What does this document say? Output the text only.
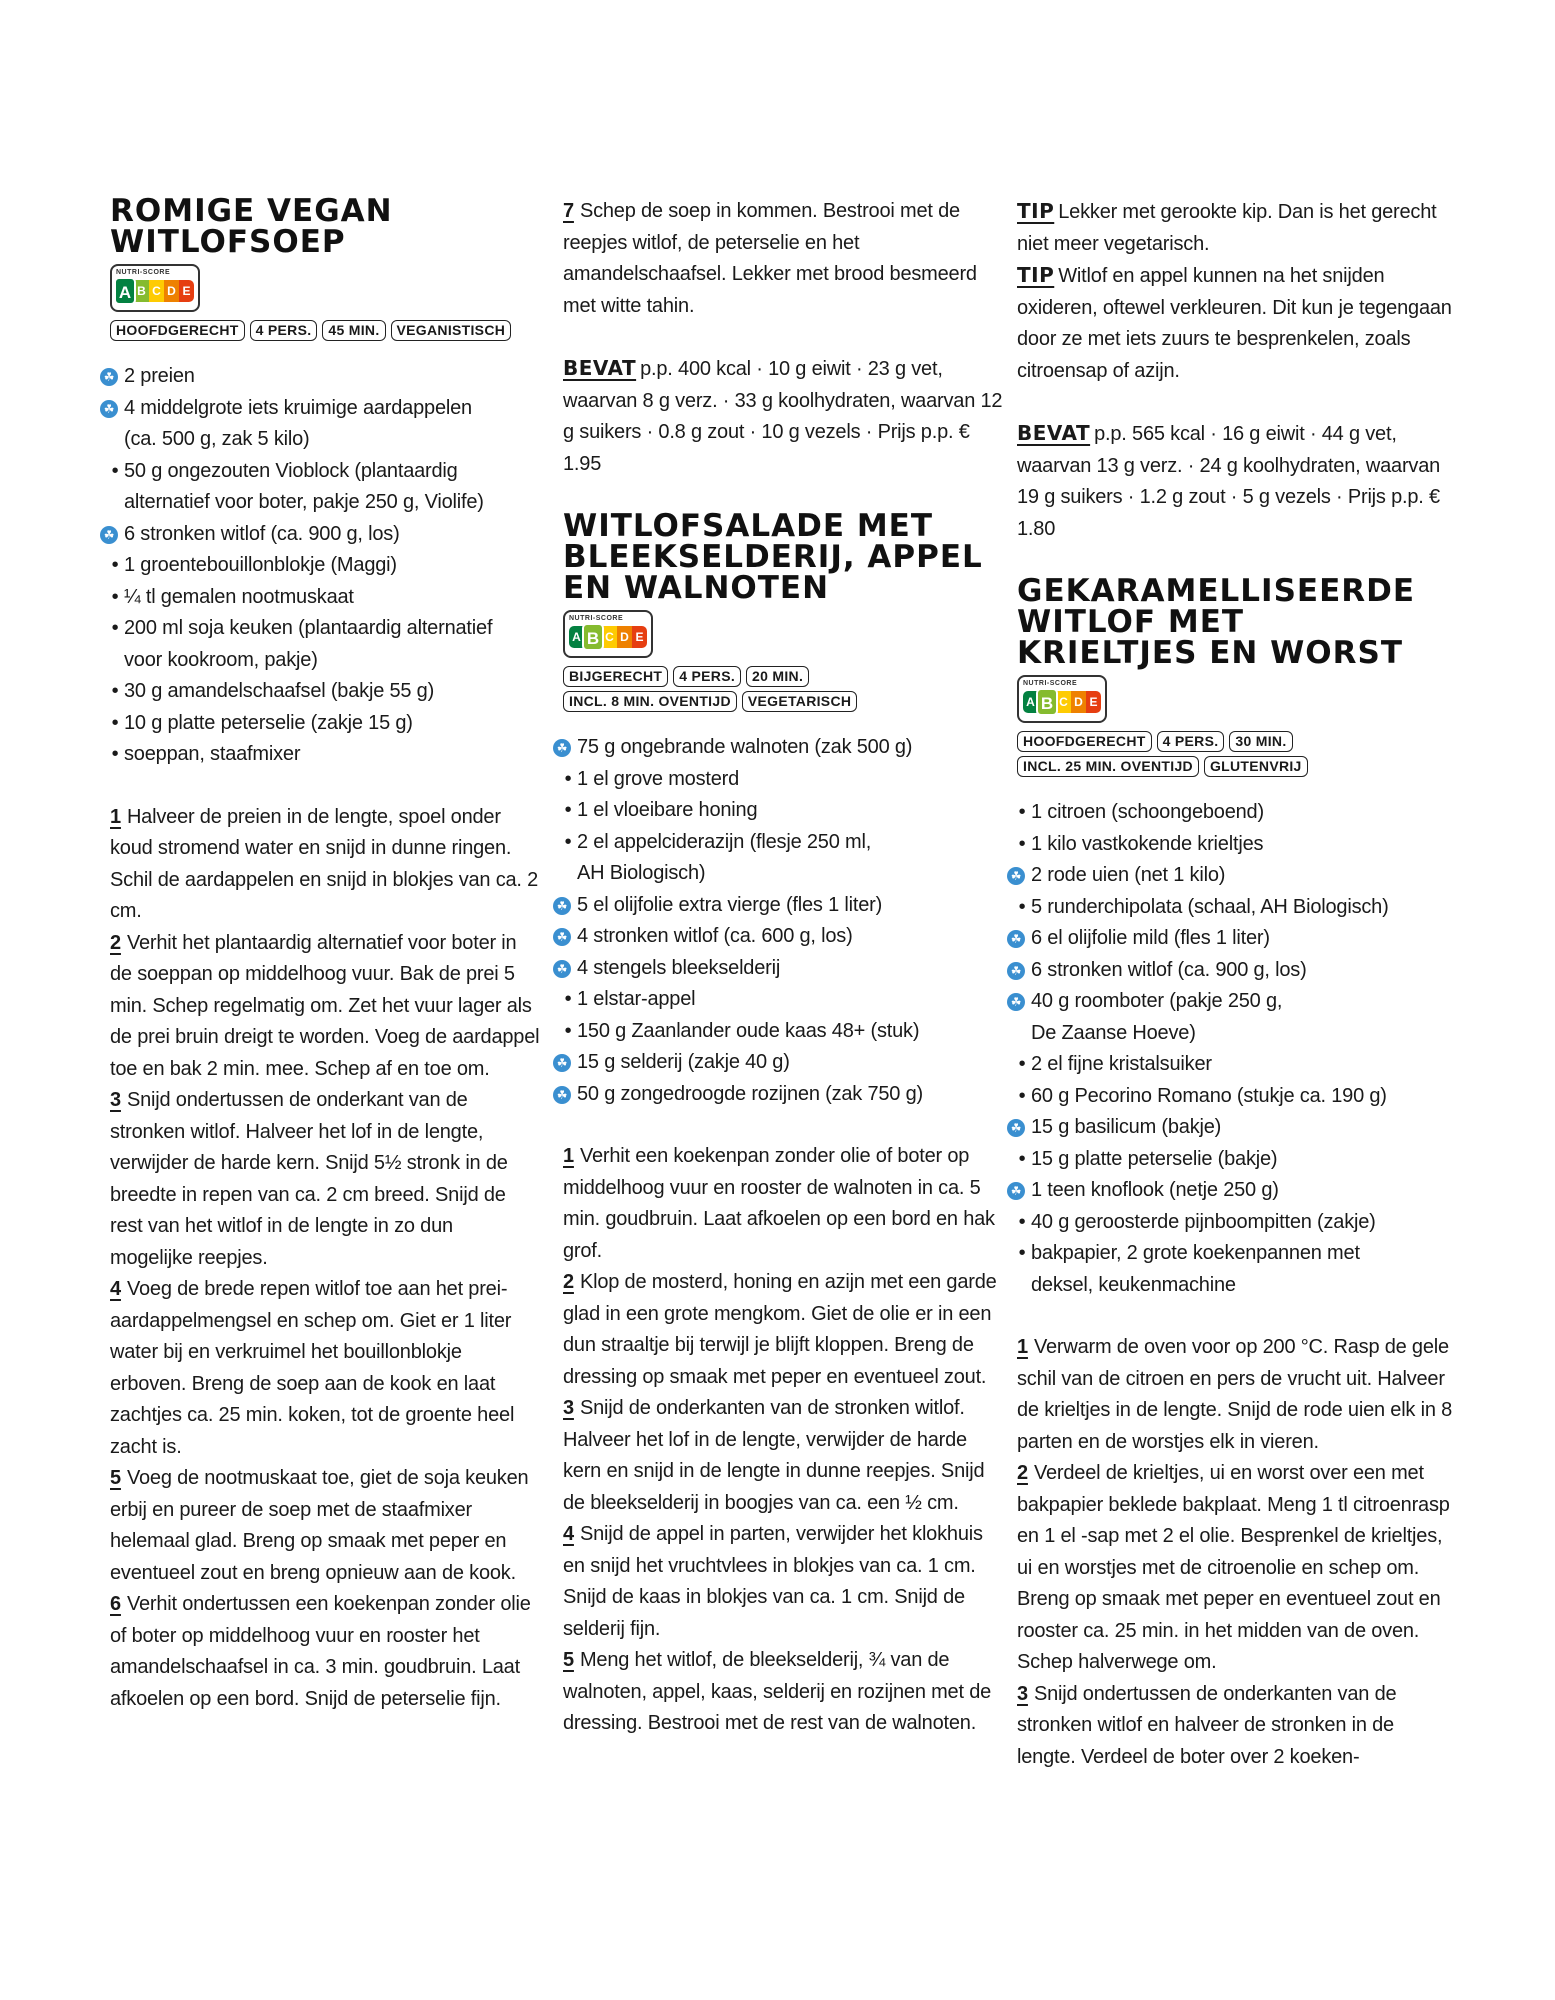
ROMIGE VEGAN
WITLOFSOEP
NUTRI-SCORE
A B C D E
HOOFDGERECHT	4 PERS.	45 MIN.	VEGANISTISCH
☘ 2 preien
☘ 4 middelgrote iets kruimige aardappelen
(ca. 500 g, zak 5 kilo)
• 50 g ongezouten Vioblock (plantaardig
alternatief voor boter, pakje 250 g, Violife)
☘ 6 stronken witlof (ca. 900 g, los)
• 1 groentebouillonblokje (Maggi)
• ¼ tl gemalen nootmuskaat
• 200 ml soja keuken (plantaardig alternatief
voor kookroom, pakje)
• 30 g amandelschaafsel (bakje 55 g)
• 10 g platte peterselie (zakje 15 g)
• soeppan, staafmixer

1 Halveer de preien in de lengte, spoel onder koud stromend water en snijd in dunne ringen. Schil de aardappelen en snijd in blokjes van ca. 2 cm.

2 Verhit het plantaardig alternatief voor boter in de soeppan op middelhoog vuur. Bak de prei 5 min. Schep regelmatig om. Zet het vuur lager als de prei bruin dreigt te worden. Voeg de aardappel toe en bak 2 min. mee. Schep af en toe om.

3 Snijd ondertussen de onderkant van de stronken witlof. Halveer het lof in de lengte, verwijder de harde kern. Snijd 5½ stronk in de breedte in repen van ca. 2 cm breed. Snijd de rest van het witlof in de lengte in zo dun mogelijke reepjes.

4 Voeg de brede repen witlof toe aan het prei-aardappelmengsel en schep om. Giet er 1 liter water bij en verkruimel het bouillonblokje erboven. Breng de soep aan de kook en laat zachtjes ca. 25 min. koken, tot de groente heel zacht is.

5 Voeg de nootmuskaat toe, giet de soja keuken erbij en pureer de soep met de staafmixer helemaal glad. Breng op smaak met peper en eventueel zout en breng opnieuw aan de kook.

6 Verhit ondertussen een koekenpan zonder olie of boter op middelhoog vuur en rooster het amandelschaafsel in ca. 3 min. goudbruin. Laat afkoelen op een bord. Snijd de peterselie fijn.

7 Schep de soep in kommen. Bestrooi met de reepjes witlof, de peterselie en het amandelschaafsel. Lekker met brood besmeerd met witte tahin.

BEVAT p.p. 400 kcal · 10 g eiwit · 23 g vet, waarvan 8 g verz. · 33 g koolhydraten, waarvan 12 g suikers · 0.8 g zout · 10 g vezels · Prijs p.p. € 1.95

WITLOFSALADE MET
BLEEKSELDERIJ, APPEL
EN WALNOTEN
NUTRI-SCORE
A B C D E
BIJGERECHT	4 PERS.	20 MIN.
INCL. 8 MIN. OVENTIJD	VEGETARISCH
☘ 75 g ongebrande walnoten (zak 500 g)
• 1 el grove mosterd
• 1 el vloeibare honing
• 2 el appelciderazijn (flesje 250 ml,
AH Biologisch)
☘ 5 el olijfolie extra vierge (fles 1 liter)
☘ 4 stronken witlof (ca. 600 g, los)
☘ 4 stengels bleekselderij
• 1 elstar-appel
• 150 g Zaanlander oude kaas 48+ (stuk)
☘ 15 g selderij (zakje 40 g)
☘ 50 g zongedroogde rozijnen (zak 750 g)

1 Verhit een koekenpan zonder olie of boter op middelhoog vuur en rooster de walnoten in ca. 5 min. goudbruin. Laat afkoelen op een bord en hak grof.

2 Klop de mosterd, honing en azijn met een garde glad in een grote mengkom. Giet de olie er in een dun straaltje bij terwijl je blijft kloppen. Breng de dressing op smaak met peper en eventueel zout.

3 Snijd de onderkanten van de stronken witlof. Halveer het lof in de lengte, verwijder de harde kern en snijd in de lengte in dunne reepjes. Snijd de bleekselderij in boogjes van ca. een ½ cm.

4 Snijd de appel in parten, verwijder het klokhuis en snijd het vruchtvlees in blokjes van ca. 1 cm. Snijd de kaas in blokjes van ca. 1 cm. Snijd de selderij fijn.

5 Meng het witlof, de bleekselderij, ¾ van de walnoten, appel, kaas, selderij en rozijnen met de dressing. Bestrooi met de rest van de walnoten.

TIP Lekker met gerookte kip. Dan is het gerecht niet meer vegetarisch.

TIP Witlof en appel kunnen na het snijden oxideren, oftewel verkleuren. Dit kun je tegengaan door ze met iets zuurs te besprenkelen, zoals citroensap of azijn.

BEVAT p.p. 565 kcal · 16 g eiwit · 44 g vet, waarvan 13 g verz. · 24 g koolhydraten, waarvan 19 g suikers · 1.2 g zout · 5 g vezels · Prijs p.p. € 1.80

GEKARAMELLISEERDE
WITLOF MET
KRIELTJES EN WORST
NUTRI-SCORE
A B C D E
HOOFDGERECHT	4 PERS.	30 MIN.
INCL. 25 MIN. OVENTIJD	GLUTENVRIJ
• 1 citroen (schoongeboend)
• 1 kilo vastkokende krieltjes
☘ 2 rode uien (net 1 kilo)
• 5 runderchipolata (schaal, AH Biologisch)
☘ 6 el olijfolie mild (fles 1 liter)
☘ 6 stronken witlof (ca. 900 g, los)
☘ 40 g roomboter (pakje 250 g,
De Zaanse Hoeve)
• 2 el fijne kristalsuiker
• 60 g Pecorino Romano (stukje ca. 190 g)
☘ 15 g basilicum (bakje)
• 15 g platte peterselie (bakje)
☘ 1 teen knoflook (netje 250 g)
• 40 g geroosterde pijnboompitten (zakje)
• bakpapier, 2 grote koekenpannen met
deksel, keukenmachine

1 Verwarm de oven voor op 200 °C. Rasp de gele schil van de citroen en pers de vrucht uit. Halveer de krieltjes in de lengte. Snijd de rode uien elk in 8 parten en de worstjes elk in vieren.

2 Verdeel de krieltjes, ui en worst over een met bakpapier beklede bakplaat. Meng 1 tl citroenrasp en 1 el -sap met 2 el olie. Besprenkel de krieltjes, ui en worstjes met de citroenolie en schep om. Breng op smaak met peper en eventueel zout en rooster ca. 25 min. in het midden van de oven. Schep halverwege om.

3 Snijd ondertussen de onderkanten van de stronken witlof en halveer de stronken in de lengte. Verdeel de boter over 2 koeken-
